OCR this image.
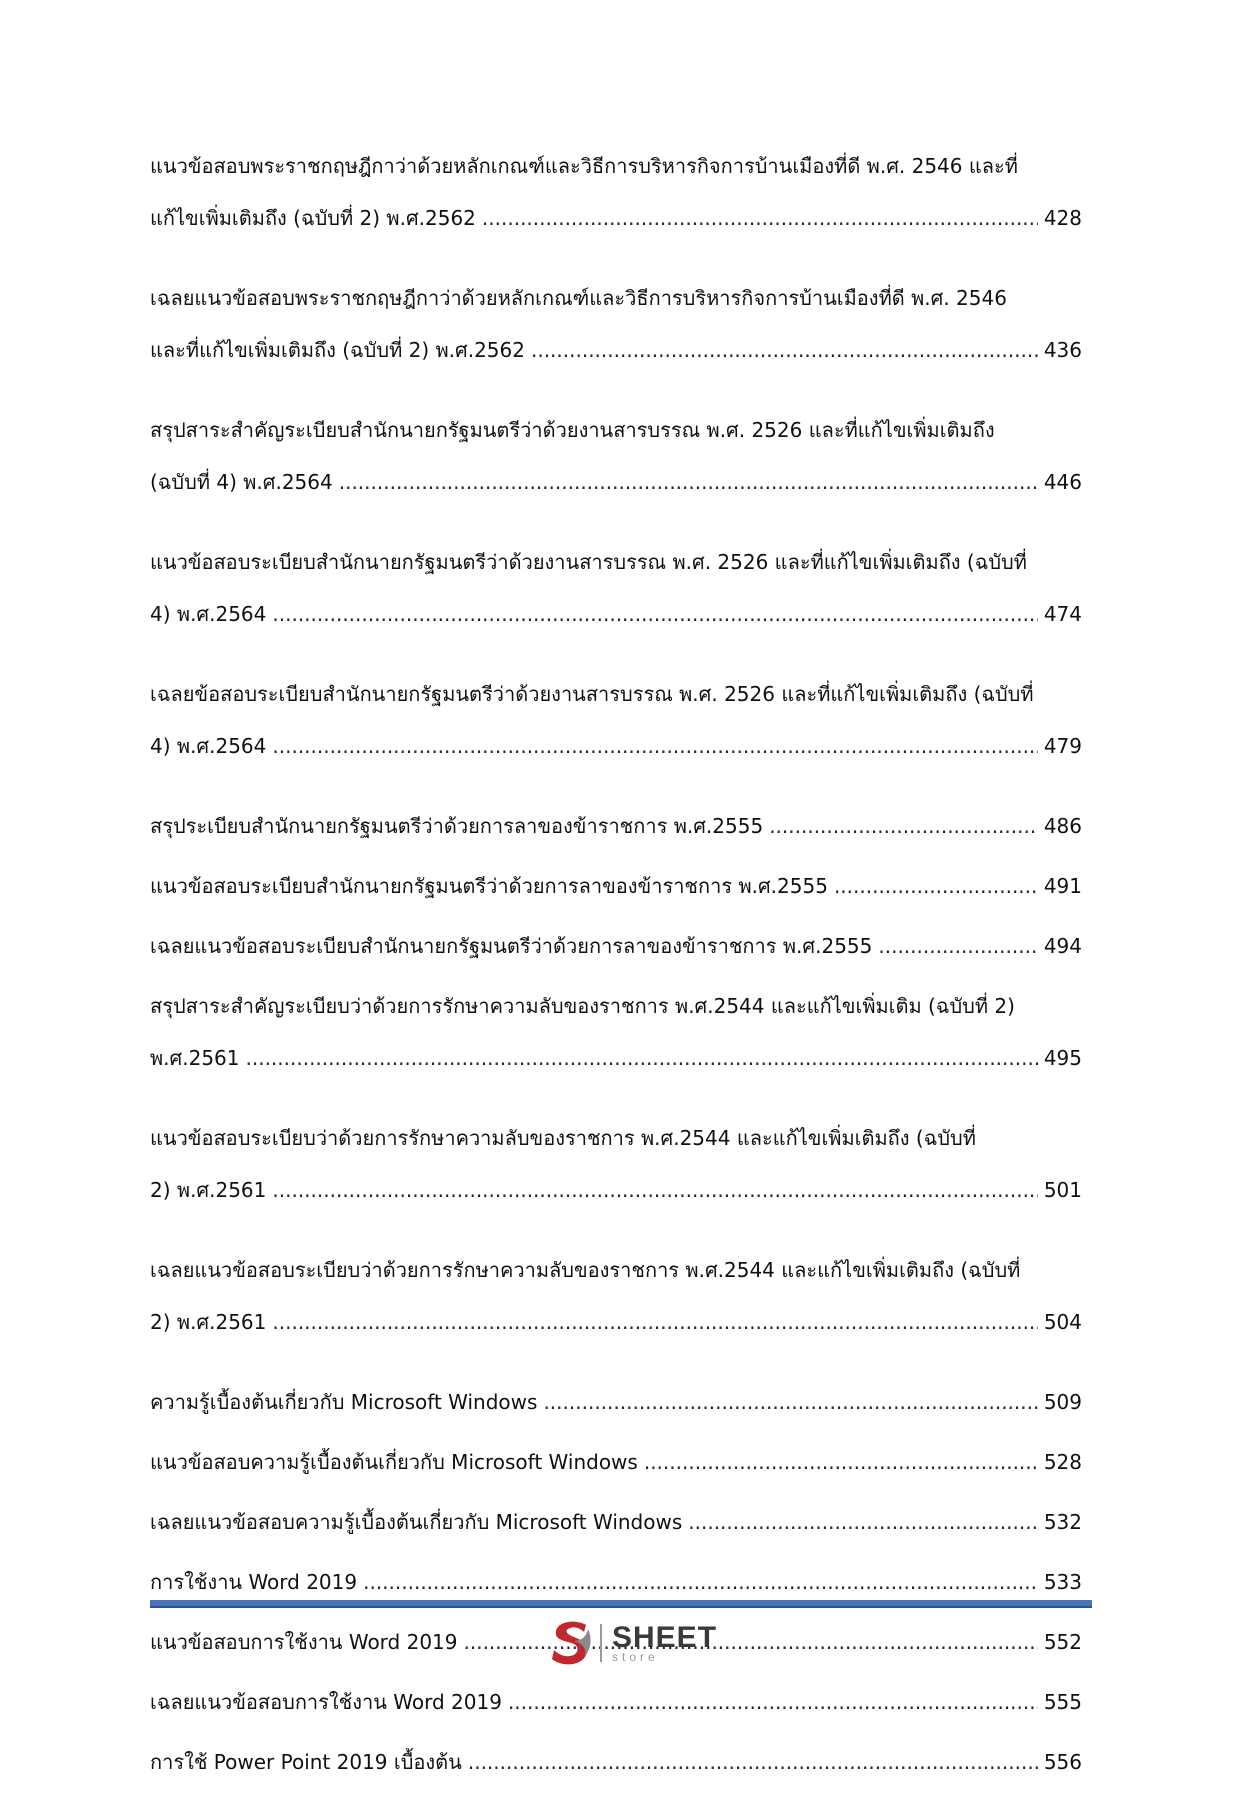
แนวข้อสอบพระราชกฤษฎีกาว่าด้วยหลักเกณฑ์และวิธีการบริหารกิจการบ้านเมืองที่ดี พ.ศ. 2546 และที่

แก้ไขเพิ่มเติมถึง (ฉบับที่ 2) พ.ศ.2562 .....	428

เฉลยแนวข้อสอบพระราชกฤษฎีกาว่าด้วยหลักเกณฑ์และวิธีการบริหารกิจการบ้านเมืองที่ดี พ.ศ. 2546

และที่แก้ไขเพิ่มเติมถึง (ฉบับที่ 2) พ.ศ.2562 .....	436

สรุปสาระสำคัญระเบียบสำนักนายกรัฐมนตรีว่าด้วยงานสารบรรณ พ.ศ. 2526 และที่แก้ไขเพิ่มเติมถึง

(ฉบับที่ 4) พ.ศ.2564 .....	446

แนวข้อสอบระเบียบสำนักนายกรัฐมนตรีว่าด้วยงานสารบรรณ พ.ศ. 2526 และที่แก้ไขเพิ่มเติมถึง (ฉบับที่

4) พ.ศ.2564 .....	474

เฉลยข้อสอบระเบียบสำนักนายกรัฐมนตรีว่าด้วยงานสารบรรณ พ.ศ. 2526 และที่แก้ไขเพิ่มเติมถึง (ฉบับที่

4) พ.ศ.2564 .....	479

สรุประเบียบสำนักนายกรัฐมนตรีว่าด้วยการลาของข้าราชการ พ.ศ.2555 .....	486

แนวข้อสอบระเบียบสำนักนายกรัฐมนตรีว่าด้วยการลาของข้าราชการ พ.ศ.2555 .....	491

เฉลยแนวข้อสอบระเบียบสำนักนายกรัฐมนตรีว่าด้วยการลาของข้าราชการ พ.ศ.2555 .....	494

สรุปสาระสำคัญระเบียบว่าด้วยการรักษาความลับของราชการ พ.ศ.2544 และแก้ไขเพิ่มเติม (ฉบับที่ 2)

พ.ศ.2561 .....	495

แนวข้อสอบระเบียบว่าด้วยการรักษาความลับของราชการ พ.ศ.2544 และแก้ไขเพิ่มเติมถึง (ฉบับที่

2) พ.ศ.2561 .....	501

เฉลยแนวข้อสอบระเบียบว่าด้วยการรักษาความลับของราชการ พ.ศ.2544 และแก้ไขเพิ่มเติมถึง (ฉบับที่

2) พ.ศ.2561 .....	504

ความรู้เบื้องต้นเกี่ยวกับ Microsoft Windows .....	509

แนวข้อสอบความรู้เบื้องต้นเกี่ยวกับ Microsoft Windows .....	528

เฉลยแนวข้อสอบความรู้เบื้องต้นเกี่ยวกับ Microsoft Windows .....	532

การใช้งาน Word 2019 .....	533

แนวข้อสอบการใช้งาน Word 2019 .....	552

เฉลยแนวข้อสอบการใช้งาน Word 2019 .....	555

การใช้ Power Point 2019 เบื้องต้น .....	556

SHEET
store
